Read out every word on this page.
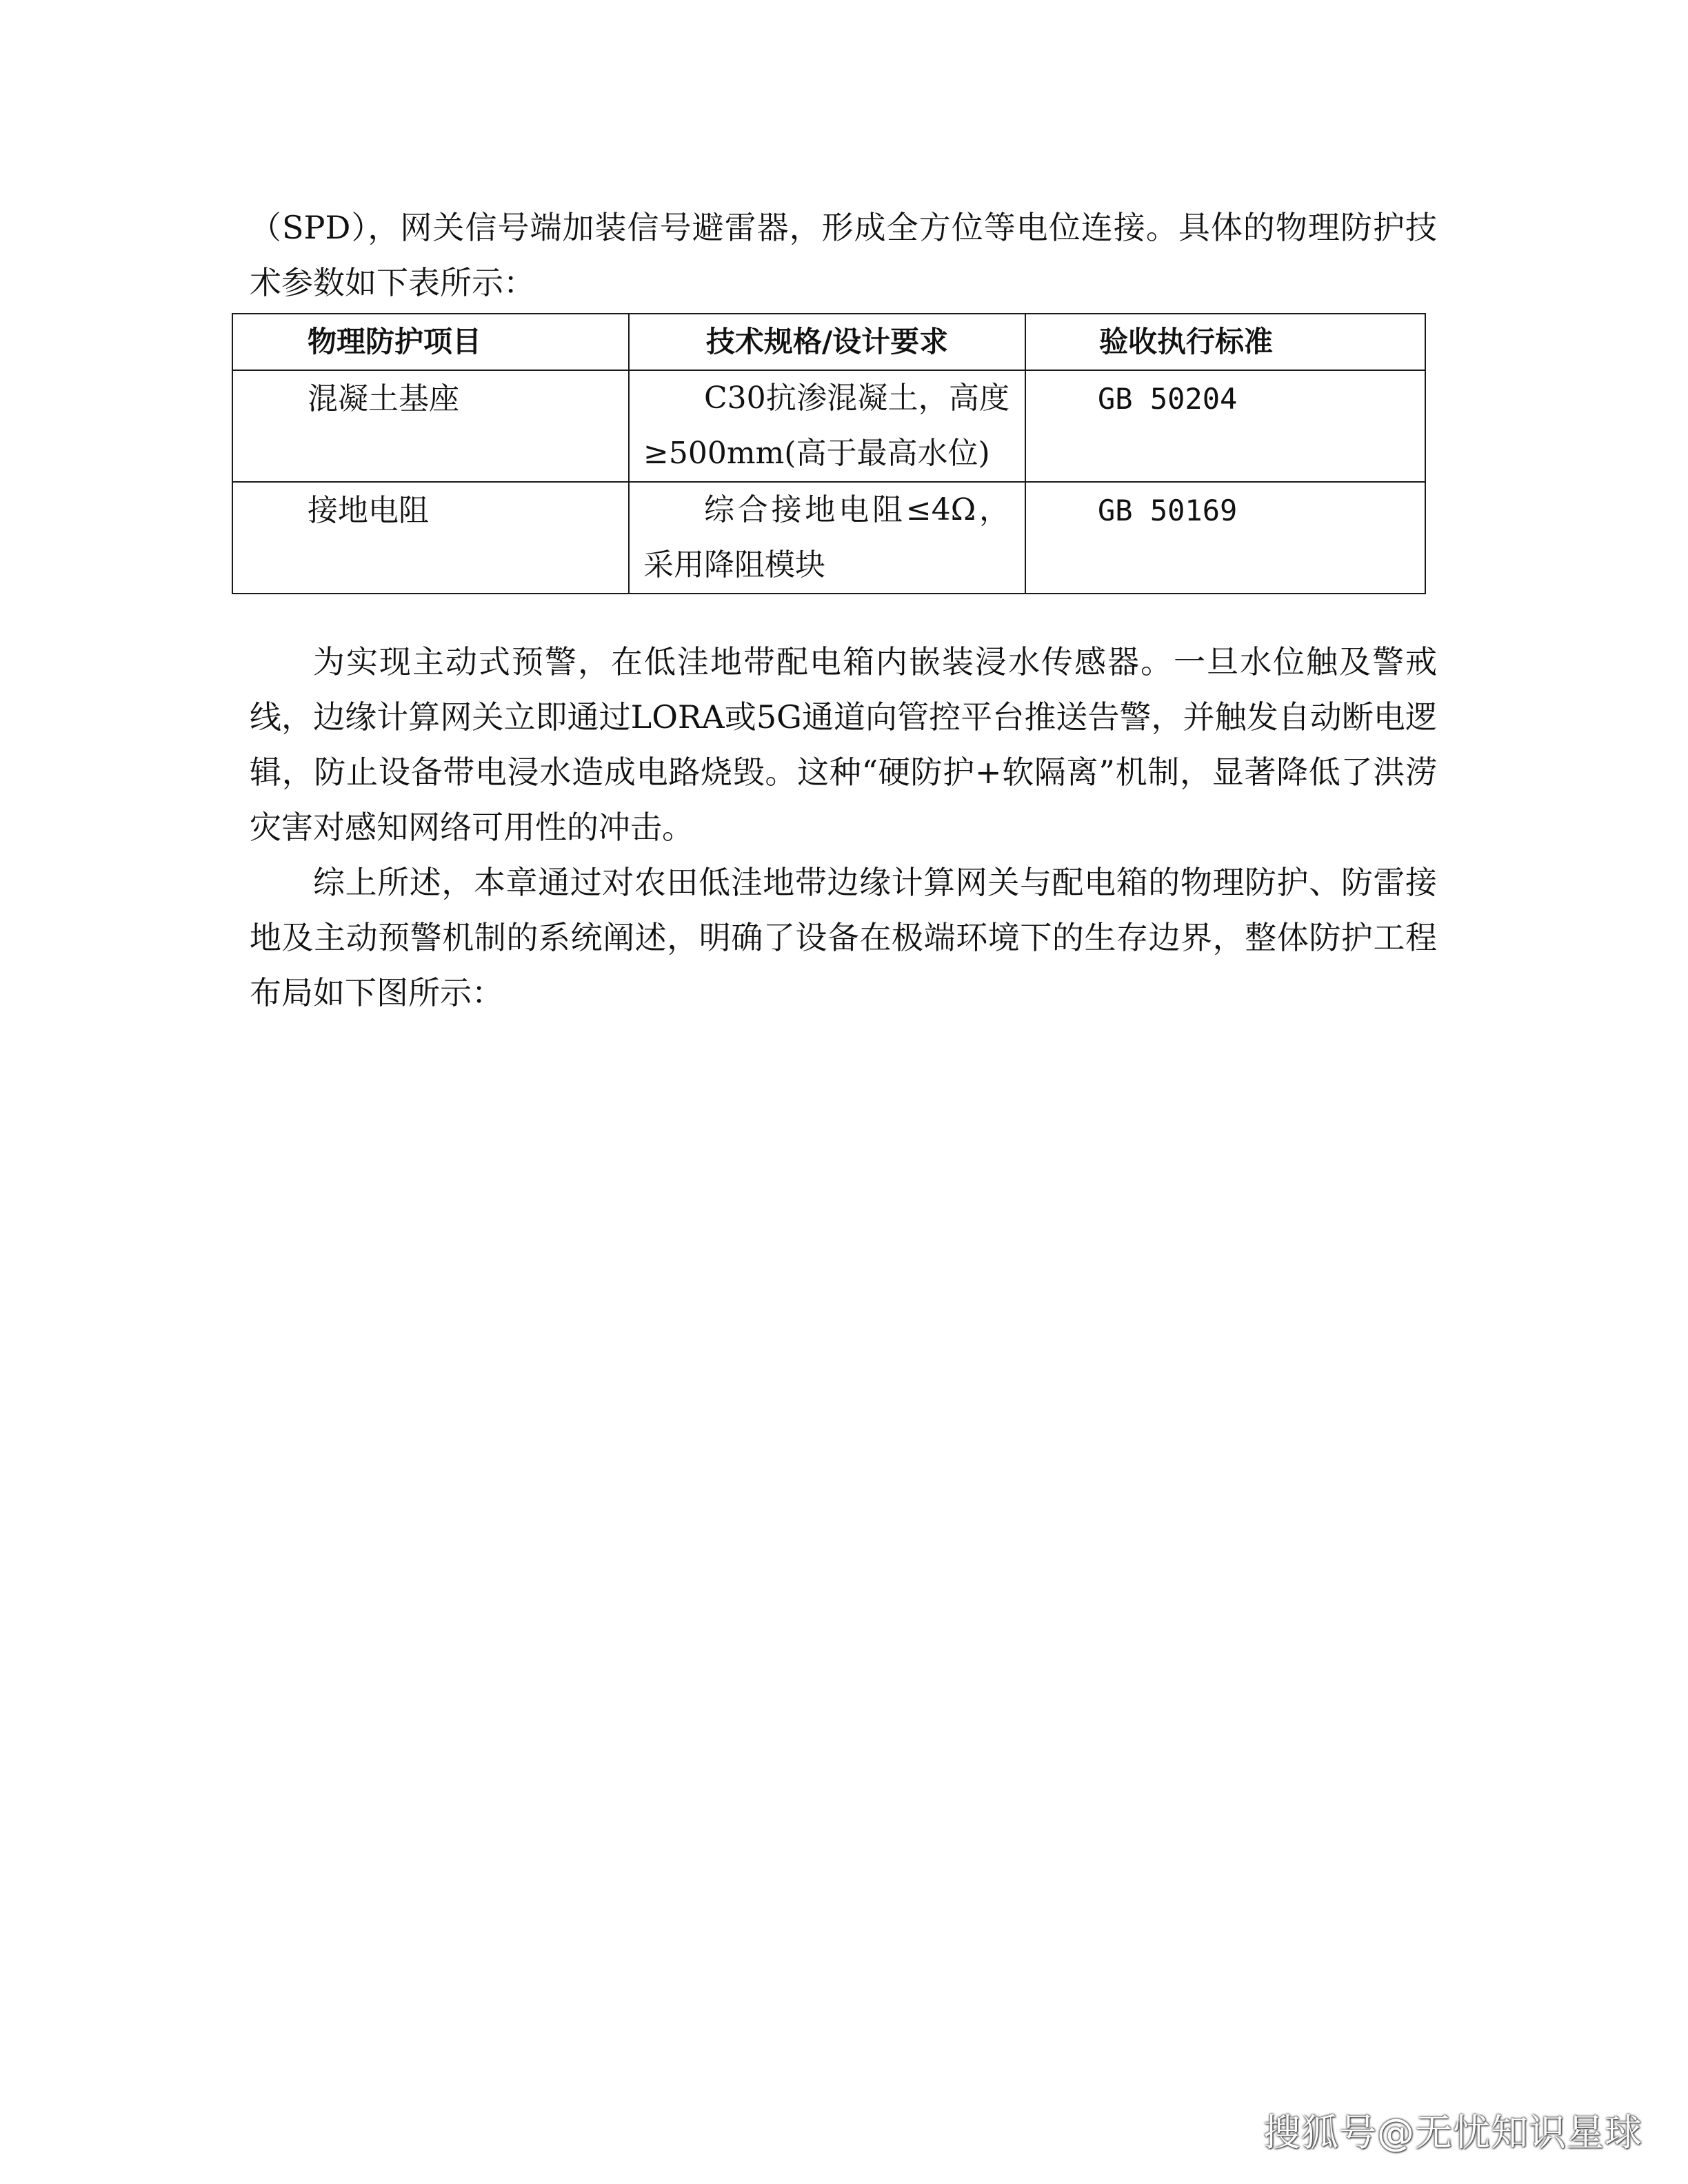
（SPD），网关信号端加装信号避雷器，形成全方位等电位连接。具体的物理防护技术参数如下表所示：

物理防护项目	技术规格/设计要求	验收执行标准
混凝土基座	C30抗渗混凝土，高度≥500mm(高于最高水位)	GB 50204
接地电阻	综合接地电阻≤4Ω，采用降阻模块	GB 50169

为实现主动式预警，在低洼地带配电箱内嵌装浸水传感器。一旦水位触及警戒线，边缘计算网关立即通过LORA或5G通道向管控平台推送告警，并触发自动断电逻辑，防止设备带电浸水造成电路烧毁。这种“硬防护+软隔离”机制，显著降低了洪涝灾害对感知网络可用性的冲击。

综上所述，本章通过对农田低洼地带边缘计算网关与配电箱的物理防护、防雷接地及主动预警机制的系统阐述，明确了设备在极端环境下的生存边界，整体防护工程布局如下图所示：

搜狐号@无忧知识星球
